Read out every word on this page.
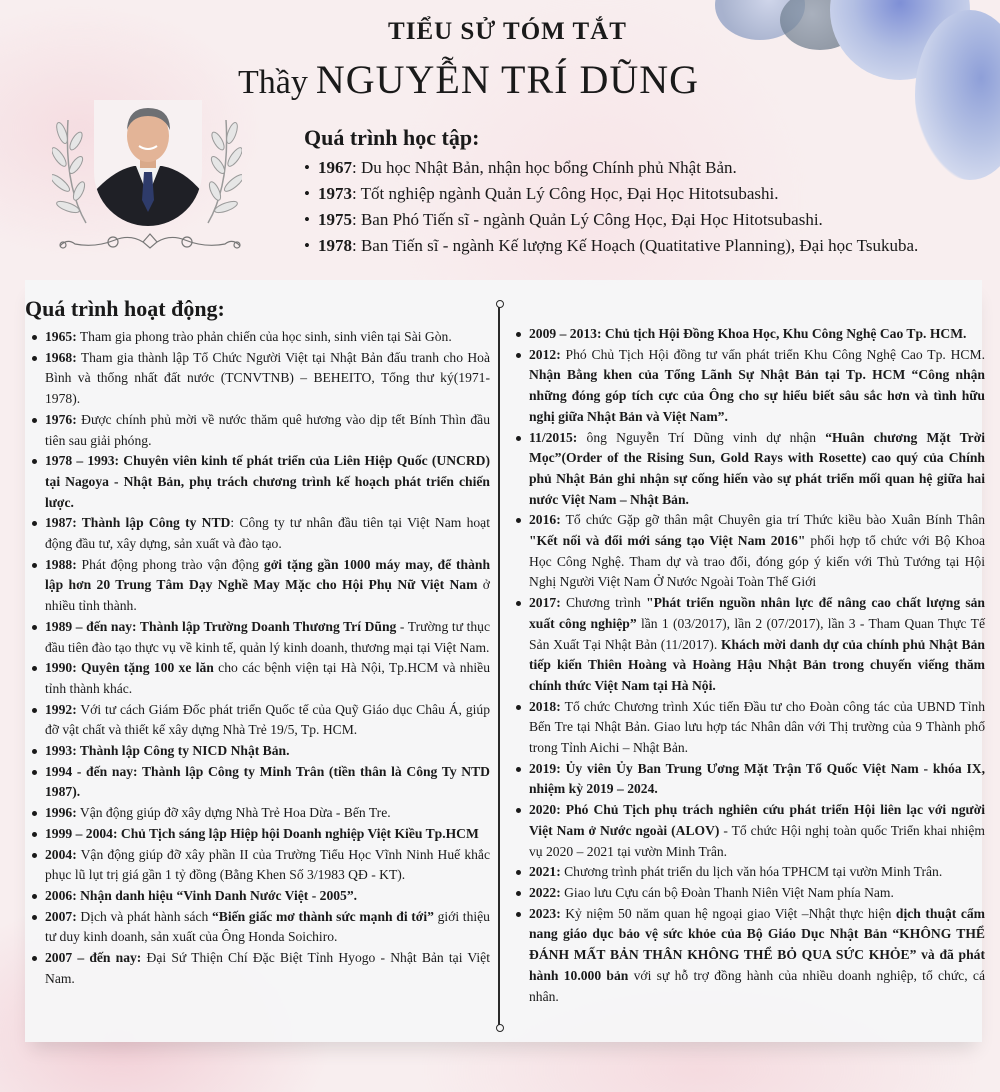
TIỂU SỬ TÓM TẮT
Thầy NGUYỄN TRÍ DŨNG
Quá trình học tập:
• 1967: Du học Nhật Bản, nhận học bổng Chính phủ Nhật Bản.
• 1973: Tốt nghiệp ngành Quản Lý Công Học, Đại Học Hitotsubashi.
• 1975: Ban Phó Tiến sĩ - ngành Quản Lý Công Học, Đại Học Hitotsubashi.
• 1978: Ban Tiến sĩ - ngành Kế lượng Kế Hoạch (Quatitative Planning), Đại học Tsukuba.
Quá trình hoạt động:
1965: Tham gia phong trào phản chiến của học sinh, sinh viên tại Sài Gòn.
1968: Tham gia thành lập Tổ Chức Người Việt tại Nhật Bản đấu tranh cho Hoà Bình và thống nhất đất nước (TCNVTNB) – BEHEITO, Tổng thư ký(1971-1978).
1976: Được chính phủ mời về nước thăm quê hương vào dịp tết Bính Thìn đầu tiên sau giải phóng.
1978 – 1993: Chuyên viên kinh tế phát triển của Liên Hiệp Quốc (UNCRD) tại Nagoya - Nhật Bản, phụ trách chương trình kế hoạch phát triển chiến lược.
1987: Thành lập Công ty NTD: Công ty tư nhân đầu tiên tại Việt Nam hoạt động đầu tư, xây dựng, sản xuất và đào tạo.
1988: Phát động phong trào vận động gởi tặng gần 1000 máy may, để thành lập hơn 20 Trung Tâm Dạy Nghề May Mặc cho Hội Phụ Nữ Việt Nam ở nhiều tỉnh thành.
1989 – đến nay: Thành lập Trường Doanh Thương Trí Dũng - Trường tư thục đầu tiên đào tạo thực vụ về kinh tế, quản lý kinh doanh, thương mại tại Việt Nam.
1990: Quyên tặng 100 xe lăn cho các bệnh viện tại Hà Nội, Tp.HCM và nhiều tỉnh thành khác.
1992: Với tư cách Giám Đốc phát triển Quốc tế của Quỹ Giáo dục Châu Á, giúp đỡ vật chất và thiết kế xây dựng Nhà Trẻ 19/5, Tp. HCM.
1993: Thành lập Công ty NICD Nhật Bản.
1994 - đến nay: Thành lập Công ty Minh Trân (tiền thân là Công Ty NTD 1987).
1996: Vận động giúp đỡ xây dựng Nhà Trẻ Hoa Dừa - Bến Tre.
1999 – 2004: Chủ Tịch sáng lập Hiệp hội Doanh nghiệp Việt Kiều Tp.HCM
2004: Vận động giúp đỡ xây phần II của Trường Tiểu Học Vĩnh Ninh Huế khắc phục lũ lụt trị giá gần 1 tỷ đồng (Bằng Khen Số 3/1983 QĐ - KT).
2006: Nhận danh hiệu “Vinh Danh Nước Việt - 2005”.
2007: Dịch và phát hành sách “Biến giấc mơ thành sức mạnh đi tới” giới thiệu tư duy kinh doanh, sản xuất của Ông Honda Soichiro.
2007 – đến nay: Đại Sứ Thiện Chí Đặc Biệt Tỉnh Hyogo - Nhật Bản tại Việt Nam.
2009 – 2013: Chủ tịch Hội Đồng Khoa Học, Khu Công Nghệ Cao Tp. HCM.
2012: Phó Chủ Tịch Hội đồng tư vấn phát triển Khu Công Nghệ Cao Tp. HCM. Nhận Bằng khen của Tổng Lãnh Sự Nhật Bản tại Tp. HCM “Công nhận những đóng góp tích cực của Ông cho sự hiểu biết sâu sắc hơn và tình hữu nghị giữa Nhật Bản và Việt Nam”.
11/2015: ông Nguyễn Trí Dũng vinh dự nhận “Huân chương Mặt Trời Mọc”(Order of the Rising Sun, Gold Rays with Rosette) cao quý của Chính phủ Nhật Bản ghi nhận sự cống hiến vào sự phát triển mối quan hệ giữa hai nước Việt Nam – Nhật Bản.
2016: Tổ chức Gặp gỡ thân mật Chuyên gia trí Thức kiều bào Xuân Bính Thân "Kết nối và đổi mới sáng tạo Việt Nam 2016" phối hợp tổ chức với Bộ Khoa Học Công Nghệ. Tham dự và trao đổi, đóng góp ý kiến với Thủ Tướng tại Hội Nghị Người Việt Nam Ở Nước Ngoài Toàn Thế Giới
2017: Chương trình "Phát triển nguồn nhân lực để nâng cao chất lượng sản xuất công nghiệp” lần 1 (03/2017), lần 2 (07/2017), lần 3 - Tham Quan Thực Tế Sản Xuất Tại Nhật Bản (11/2017). Khách mời danh dự của chính phủ Nhật Bản tiếp kiến Thiên Hoàng và Hoàng Hậu Nhật Bản trong chuyến viếng thăm chính thức Việt Nam tại Hà Nội.
2018: Tổ chức Chương trình Xúc tiến Đầu tư cho Đoàn công tác của UBND Tỉnh Bến Tre tại Nhật Bản. Giao lưu hợp tác Nhân dân với Thị trường của 9 Thành phố trong Tỉnh Aichi – Nhật Bản.
2019: Ủy viên Ủy Ban Trung Ương Mặt Trận Tổ Quốc Việt Nam - khóa IX, nhiệm kỳ 2019 – 2024.
2020: Phó Chủ Tịch phụ trách nghiên cứu phát triển Hội liên lạc với người Việt Nam ở Nước ngoài (ALOV) - Tổ chức Hội nghị toàn quốc Triển khai nhiệm vụ 2020 – 2021 tại vườn Minh Trân.
2021: Chương trình phát triển du lịch văn hóa TPHCM tại vườn Minh Trân.
2022: Giao lưu Cựu cán bộ Đoàn Thanh Niên Việt Nam phía Nam.
2023: Kỷ niệm 50 năm quan hệ ngoại giao Việt –Nhật thực hiện dịch thuật cẩm nang giáo dục bảo vệ sức khỏe của Bộ Giáo Dục Nhật Bản “KHÔNG THỂ ĐÁNH MẤT BẢN THÂN KHÔNG THỂ BỎ QUA SỨC KHỎE” và đã phát hành 10.000 bản với sự hỗ trợ đồng hành của nhiều doanh nghiệp, tổ chức, cá nhân.
